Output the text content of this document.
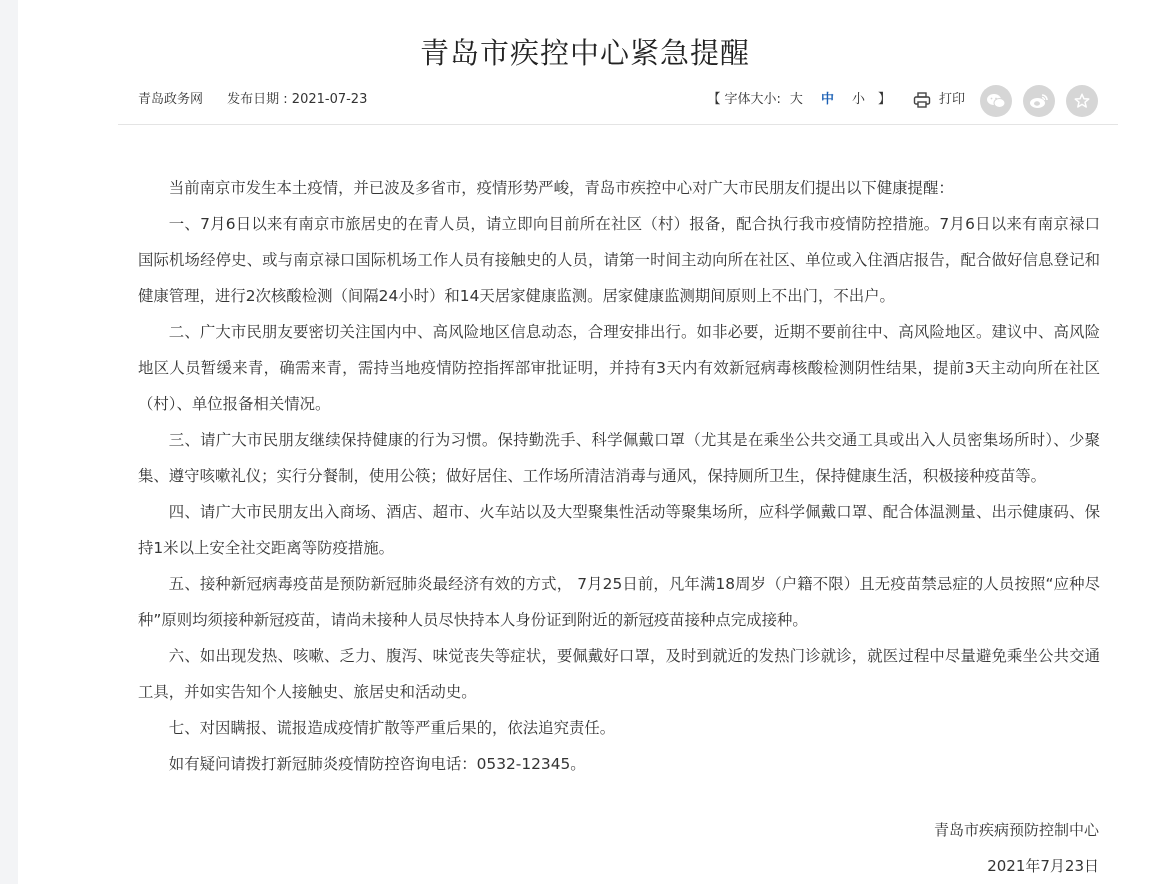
青岛市疾控中心紧急提醒
青岛政务网 发布日期 : 2021-07-23	【 字体大小: 大 中 小 】	打印

当前南京市发生本土疫情，并已波及多省市，疫情形势严峻，青岛市疾控中心对广大市民朋友们提出以下健康提醒：

一、7月6日以来有南京市旅居史的在青人员，请立即向目前所在社区（村）报备，配合执行我市疫情防控措施。7月6日以来有南京禄口国际机场经停史、或与南京禄口国际机场工作人员有接触史的人员，请第一时间主动向所在社区、单位或入住酒店报告，配合做好信息登记和健康管理，进行2次核酸检测（间隔24小时）和14天居家健康监测。居家健康监测期间原则上不出门，不出户。

二、广大市民朋友要密切关注国内中、高风险地区信息动态，合理安排出行。如非必要，近期不要前往中、高风险地区。建议中、高风险地区人员暂缓来青，确需来青，需持当地疫情防控指挥部审批证明，并持有3天内有效新冠病毒核酸检测阴性结果，提前3天主动向所在社区（村）、单位报备相关情况。

三、请广大市民朋友继续保持健康的行为习惯。保持勤洗手、科学佩戴口罩（尤其是在乘坐公共交通工具或出入人员密集场所时）、少聚集、遵守咳嗽礼仪；实行分餐制，使用公筷；做好居住、工作场所清洁消毒与通风，保持厕所卫生，保持健康生活，积极接种疫苗等。

四、请广大市民朋友出入商场、酒店、超市、火车站以及大型聚集性活动等聚集场所，应科学佩戴口罩、配合体温测量、出示健康码、保持1米以上安全社交距离等防疫措施。

五、接种新冠病毒疫苗是预防新冠肺炎最经济有效的方式， 7月25日前，凡年满18周岁（户籍不限）且无疫苗禁忌症的人员按照“应种尽种”原则均须接种新冠疫苗，请尚未接种人员尽快持本人身份证到附近的新冠疫苗接种点完成接种。

六、如出现发热、咳嗽、乏力、腹泻、味觉丧失等症状，要佩戴好口罩，及时到就近的发热门诊就诊，就医过程中尽量避免乘坐公共交通工具，并如实告知个人接触史、旅居史和活动史。

七、对因瞒报、谎报造成疫情扩散等严重后果的，依法追究责任。

如有疑问请拨打新冠肺炎疫情防控咨询电话：0532-12345。

青岛市疾病预防控制中心
2021年7月23日
